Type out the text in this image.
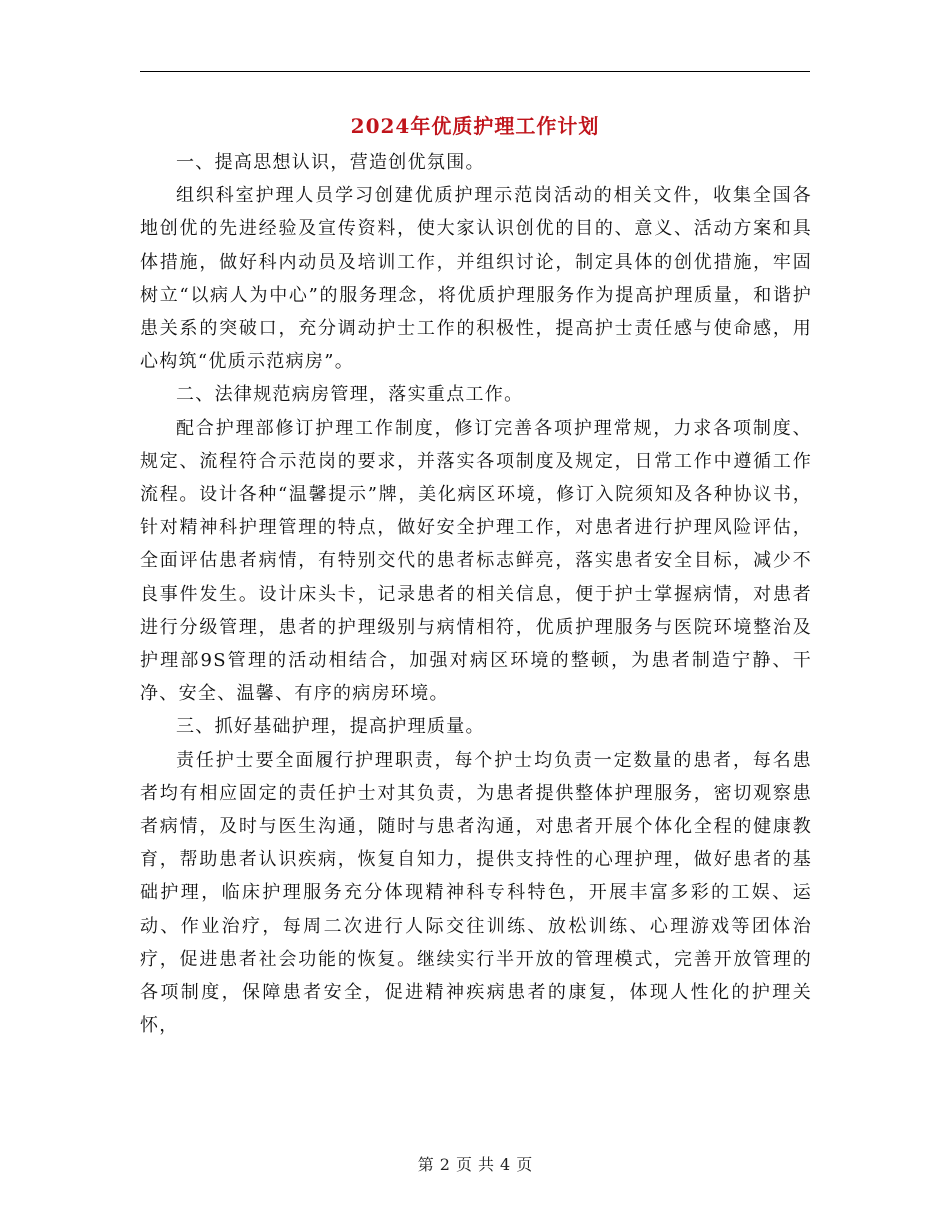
2024年优质护理工作计划

一、提高思想认识，营造创优氛围。

组织科室护理人员学习创建优质护理示范岗活动的相关文件，收集全国各地创优的先进经验及宣传资料，使大家认识创优的目的、意义、活动方案和具体措施，做好科内动员及培训工作，并组织讨论，制定具体的创优措施，牢固树立“以病人为中心”的服务理念，将优质护理服务作为提高护理质量，和谐护患关系的突破口，充分调动护士工作的积极性，提高护士责任感与使命感，用心构筑“优质示范病房”。

二、法律规范病房管理，落实重点工作。

配合护理部修订护理工作制度，修订完善各项护理常规，力求各项制度、规定、流程符合示范岗的要求，并落实各项制度及规定，日常工作中遵循工作流程。设计各种“温馨提示”牌，美化病区环境，修订入院须知及各种协议书，针对精神科护理管理的特点，做好安全护理工作，对患者进行护理风险评估，全面评估患者病情，有特别交代的患者标志鲜亮，落实患者安全目标，减少不良事件发生。设计床头卡，记录患者的相关信息，便于护士掌握病情，对患者进行分级管理，患者的护理级别与病情相符，优质护理服务与医院环境整治及护理部9S管理的活动相结合，加强对病区环境的整顿，为患者制造宁静、干净、安全、温馨、有序的病房环境。

三、抓好基础护理，提高护理质量。

责任护士要全面履行护理职责，每个护士均负责一定数量的患者，每名患者均有相应固定的责任护士对其负责，为患者提供整体护理服务，密切观察患者病情，及时与医生沟通，随时与患者沟通，对患者开展个体化全程的健康教育，帮助患者认识疾病，恢复自知力，提供支持性的心理护理，做好患者的基础护理，临床护理服务充分体现精神科专科特色，开展丰富多彩的工娱、运动、作业治疗，每周二次进行人际交往训练、放松训练、心理游戏等团体治疗，促进患者社会功能的恢复。继续实行半开放的管理模式，完善开放管理的各项制度，保障患者安全，促进精神疾病患者的康复，体现人性化的护理关怀，

第 2 页 共 4 页
